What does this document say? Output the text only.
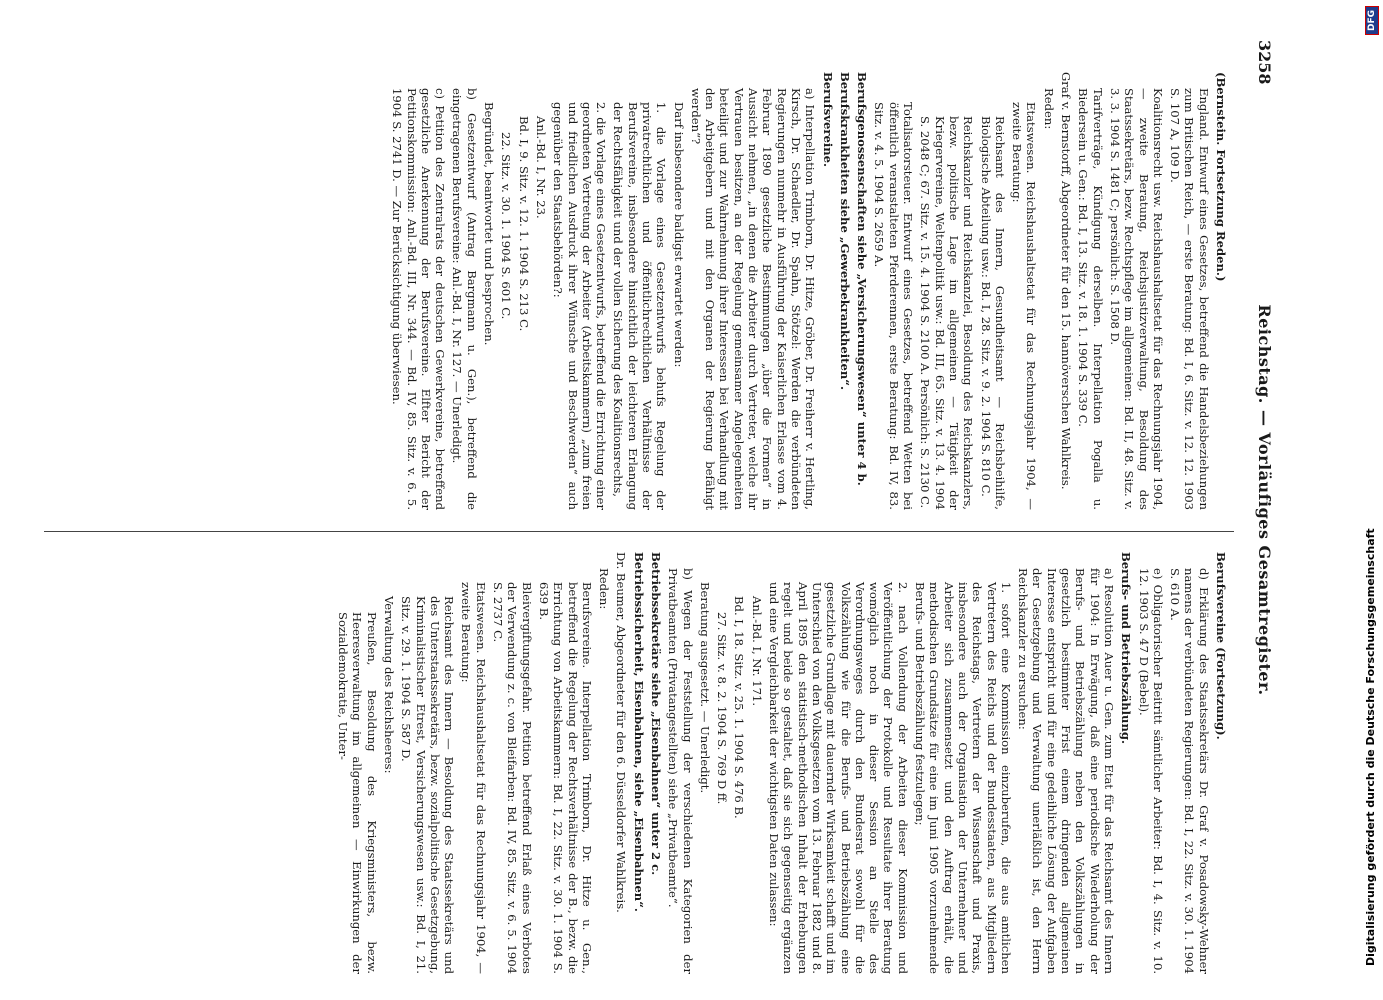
3258
Reichstag. — Vorläufiges Gesamtregister.

(Bernstein. Fortsetzung Reden.)

England. Entwurf eines Gesetzes, betreffend die Handelsbeziehungen zum Britischen Reich, — erste Beratung: Bd. I, 6. Sitz. v. 12. 12. 1903 S. 107 A, 109 D.

Koalitionsrecht usw. Reichshaushaltsetat für das Rechnungsjahr 1904, — zweite Beratung, Reichsjustizverwaltung, Besoldung des Staatssekretärs, bezw. Rechtspflege im allgemeinen: Bd. II, 48. Sitz. v. 3. 3. 1904 S. 1481 C; persönlich: S. 1508 D.

Tarifverträge, Kündigung derselben. Interpellation Pogalla u. Biedersein u. Gen.: Bd. I, 13. Sitz. v. 18. 1. 1904 S. 339 C.

Graf v. Bernstorff, Abgeordneter für den 15. hannöverschen Wahlkreis.

Reden:

Etatswesen. Reichshaushaltsetat für das Rechnungsjahr 1904, — zweite Beratung:

Reichsamt des Innern, Gesundheitsamt — Reichsbeihilfe, Biologische Abteilung usw.: Bd. I, 28. Sitz. v. 9. 2. 1904 S. 810 C.

Reichskanzler und Reichskanzlei, Besoldung des Reichskanzlers, bezw. politische Lage im allgemeinen — Tätigkeit der Kriegervereine, Weltenpolitik usw.: Bd. III, 65. Sitz. v. 13. 4. 1904 S. 2048 C; 67. Sitz. v. 15. 4. 1904 S. 2100 A. Persönlich: S. 2130 C.

Totalisatorsteuer. Entwurf eines Gesetzes, betreffend Wetten bei öffentlich veranstalteten Pferderennen, erste Beratung: Bd. IV, 83. Sitz. v. 4. 5. 1904 S. 2659 A.

Berufsgenossenschaften siehe „Versicherungswesen“ unter 4 b.

Berufskrankheiten siehe „Gewerbekrankheiten“.

Berufsvereine.

a) Interpellation Trimborn, Dr. Hitze, Gröber, Dr. Freiherr v. Hertling, Kirsch, Dr. Schaedler, Dr. Spahn, Stötzel: Werden die verbündeten Regierungen nunmehr in Ausführung der Kaiserlichen Erlasse vom 4. Februar 1890 gesetzliche Bestimmungen „über die Formen“ in Aussicht nehmen, „in denen die Arbeiter durch Vertreter, welche ihr Vertrauen besitzen, an der Regelung gemeinsamer Angelegenheiten beteiligt und zur Wahrnehmung ihrer Interessen bei Verhandlung mit den Arbeitgebern und mit den Organen der Regierung befähigt werden“?

Darf insbesondere baldigst erwartet werden:

1. die Vorlage eines Gesetzentwurfs behufs Regelung der privatrechtlichen und öffentlichrechtlichen Verhältnisse der Berufsvereine, insbesondere hinsichtlich der leichteren Erlangung der Rechtsfähigkeit und der vollen Sicherung des Koalitionsrechts,

2. die Vorlage eines Gesetzentwurfs, betreffend die Errichtung einer geordneten Vertretung der Arbeiter (Arbeitskammern) „zum freien und friedlichen Ausdruck ihrer Wünsche und Beschwerden“ auch gegenüber den Staatsbehörden?:

Anl.-Bd. I, Nr. 23.

Bd. I, 9. Sitz. v. 12. 1. 1904 S. 213 C.

22. Sitz. v. 30. 1. 1904 S. 601 C.

Begründet, beantwortet und besprochen.

b) Gesetzentwurf (Antrag Bargmann u. Gen.), betreffend die eingetragenen Berufsvereine: Anl.-Bd. I, Nr. 127. — Unerledigt.

c) Petition des Zentralrats der deutschen Gewerkvereine, betreffend gesetzliche Anerkennung der Berufsvereine. Elfter Bericht der Petitionskommission: Anl.-Bd. III, Nr. 344. — Bd. IV, 85. Sitz. v. 6. 5. 1904 S. 2741 D. — Zur Berücksichtigung überwiesen.

Berufsvereine (Fortsetzung).

d) Erklärung des Staatssekretärs Dr. Graf v. Posadowsky-Wehner namens der verbündeten Regierungen: Bd. I, 22. Sitz. v. 30. 1. 1904 S. 610 A.

e) Obligatorischer Beitritt sämtlicher Arbeiter: Bd. I, 4. Sitz. v. 10. 12. 1903 S. 47 D (Bebel).

Berufs- und Betriebszählung.

a) Resolution Auer u. Gen. zum Etat für das Reichsamt des Innern für 1904: In Erwägung, daß eine periodische Wiederholung der Berufs- und Betriebszählung neben den Volkszählungen in gesetzlich bestimmter Frist einem dringenden allgemeinen Interesse entspricht und für eine gedeihliche Lösung der Aufgaben der Gesetzgebung und Verwaltung unerläßlich ist, den Herrn Reichskanzler zu ersuchen:

1. sofort eine Kommission einzuberufen, die aus amtlichen Vertretern des Reichs und der Bundesstaaten, aus Mitgliedern des Reichstags, Vertretern der Wissenschaft und Praxis, insbesondere auch der Organisation der Unternehmer und Arbeiter sich zusammensetzt und den Auftrag erhält, die methodischen Grundsätze für eine im Juni 1905 vorzunehmende Berufs- und Betriebszählung festzulegen;

2. nach Vollendung der Arbeiten dieser Kommission und Veröffentlichung der Protokolle und Resultate ihrer Beratung womöglich noch in dieser Session an Stelle des Verordnungsweges durch den Bundesrat sowohl für die Volkszählung wie für die Berufs- und Betriebszählung eine gesetzliche Grundlage mit dauernder Wirksamkeit schafft und im Unterschied von den Volksgesetzen vom 13. Februar 1882 und 8. April 1895 den statistisch-methodischen Inhalt der Erhebungen regelt und beide so gestaltet, daß sie sich gegenseitig ergänzen und eine Vergleichbarkeit der wichtigsten Daten zulassen:

Anl.-Bd. I, Nr. 171.

Bd. I, 18. Sitz. v. 25. 1. 1904 S. 476 B.

27. Sitz. v. 8. 2. 1904 S. 769 D ff.

Beratung ausgesetzt. — Unerledigt.

b) Wegen der Feststellung der verschiedenen Kategorien der Privatbeamten (Privatangestellten) siehe „Privatbeamte“.

Betriebssekretäre siehe „Eisenbahnen“ unter 2 c.

Betriebssicherheit, Eisenbahnen, siehe „Eisenbahnen“.

Dr. Beumer, Abgeordneter für den 6. Düsseldorfer Wahlkreis.

Reden:

Berufsvereine. Interpellation Trimborn, Dr. Hitze u. Gen., betreffend die Regelung der Rechtsverhältnisse der B., bezw. die Errichtung von Arbeitskammern: Bd. I, 22. Sitz. v. 30. 1. 1904 S. 639 B.

Bleivergiftungsgefahr. Petition betreffend Erlaß eines Verbotes der Verwendung z. c. von Bleifarben: Bd. IV, 85. Sitz. v. 6. 5. 1904 S. 2737 C.

Etatswesen. Reichshaushaltsetat für das Rechnungsjahr 1904, — zweite Beratung:

Reichsamt des Innern — Besoldung des Staatssekretärs und des Unterstaatssekretärs, bezw. sozialpolitische Gesetzgebung, Kriminalistischer Etrest, Versicherungswesen usw.: Bd. I, 21. Sitz. v. 29. 1. 1904 S. 587 D.

Verwaltung des Reichsheeres:

Preußen, Besoldung des Kriegsministers, bezw. Heeresverwaltung im allgemeinen — Einwirkungen der Sozialdemokratie, Unter-	Digitalisierung gefördert durch die Deutsche Forschungsgemeinschaft
DFG
